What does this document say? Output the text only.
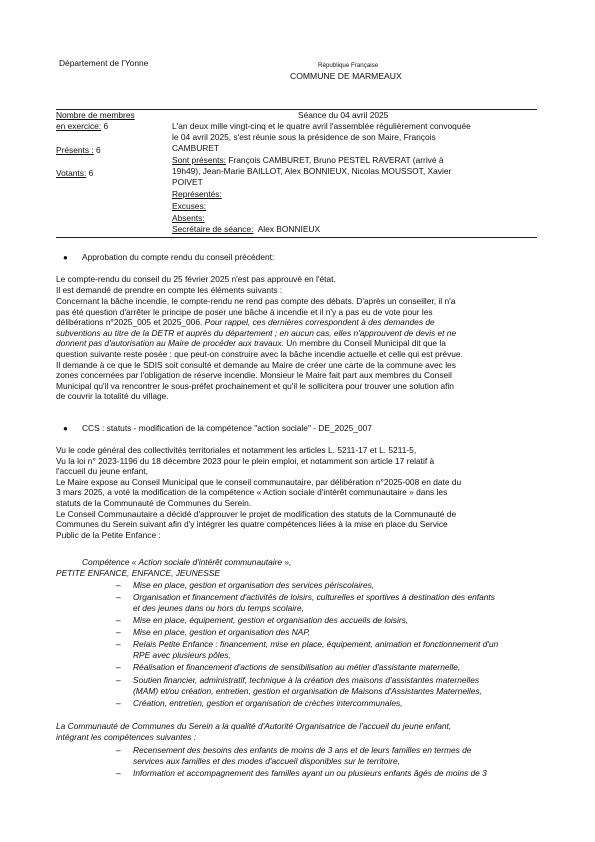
Département de l'Yonne	République Française
COMMUNE DE MARMEAUX
Nombre de membres
en exercice: 6
Présents : 6
Votants: 6
Séance du 04 avril 2025
L'an deux mille vingt-cinq et le quatre avril l'assemblée régulièrement convoquée
le 04 avril 2025, s'est réunie sous la présidence de son Maire, François
CAMBURET
Sont présents: François CAMBURET, Bruno PESTEL RAVERAT (arrivé à
19h49), Jean-Marie BAILLOT, Alex BONNIEUX, Nicolas MOUSSOT, Xavier
POIVET
Représentés:
Excuses:
Absents:
Secrétaire de séance: Alex BONNIEUX
● Approbation du compte rendu du conseil précédent:
Le compte-rendu du conseil du 25 février 2025 n'est pas approuvé en l'état.
Il est demandé de prendre en compte les éléments suivants :
Concernant la bâche incendie, le compte-rendu ne rend pas compte des débats. D'après un conseiller, il n'a
pas été question d'arrêter le principe de poser une bâche à incendie et il n'y a pas eu de vote pour les
délibérations n°2025_005 et 2025_006. Pour rappel, ces dernières correspondent à des demandes de
subventions au titre de la DETR et auprès du département ; en aucun cas, elles n'approuvent de devis et ne
donnent pas d'autorisation au Maire de procéder aux travaux. Un membre du Conseil Municipal dit que la
question suivante reste posée : que peut-on construire avec la bâche incendie actuelle et celle qui est prévue.
Il demande à ce que le SDIS soit consulté et demande au Maire de créer une carte de la commune avec les
zones concernées par l'obligation de réserve incendie. Monsieur le Maire fait part aux membres du Conseil
Municipal qu'il va rencontrer le sous-préfet prochainement et qu'il le sollicitera pour trouver une solution afin
de couvrir la totalité du village.
● CCS : statuts - modification de la compétence "action sociale" - DE_2025_007
Vu le code général des collectivités territoriales et notamment les articles L. 5211-17 et L. 5211-5,
Vu la loi n° 2023-1196 du 18 décembre 2023 pour le plein emploi, et notamment son article 17 relatif à
l'accueil du jeune enfant,
Le Maire expose au Conseil Municipal que le conseil communautaire, par délibération n°2025-008 en date du
3 mars 2025, a voté la modification de la compétence « Action sociale d'intérêt communautaire » dans les
statuts de la Communauté de Communes du Serein.
Le Conseil Communautaire a décidé d'approuver le projet de modification des statuts de la Communauté de
Communes du Serein suivant afin d'y intégrer les quatre compétences liées à la mise en place du Service
Public de la Petite Enfance :
Compétence « Action sociale d'intérêt communautaire »,
PETITE ENFANCE, ENFANCE, JEUNESSE
– Mise en place, gestion et organisation des services périscolaires,
– Organisation et financement d'activités de loisirs, culturelles et sportives à destination des enfants
et des jeunes dans ou hors du temps scolaire,
– Mise en place, équipement, gestion et organisation des accueils de loisirs,
– Mise en place, gestion et organisation des NAP,
– Relais Petite Enfance : financement, mise en place, équipement, animation et fonctionnement d'un
RPE avec plusieurs pôles,
– Réalisation et financement d'actions de sensibilisation au métier d'assistante maternelle,
– Soutien financier, administratif, technique à la création des maisons d'assistantes maternelles
(MAM) et/ou création, entretien, gestion et organisation de Maisons d'Assistantes Maternelles,
– Création, entretien, gestion et organisation de crèches intercommunales,
La Communauté de Communes du Serein a la qualité d'Autorité Organisatrice de l'accueil du jeune enfant,
intégrant les compétences suivantes :
– Recensement des besoins des enfants de moins de 3 ans et de leurs familles en termes de
services aux familles et des modes d'accueil disponibles sur le territoire,
– Information et accompagnement des familles ayant un ou plusieurs enfants âgés de moins de 3
